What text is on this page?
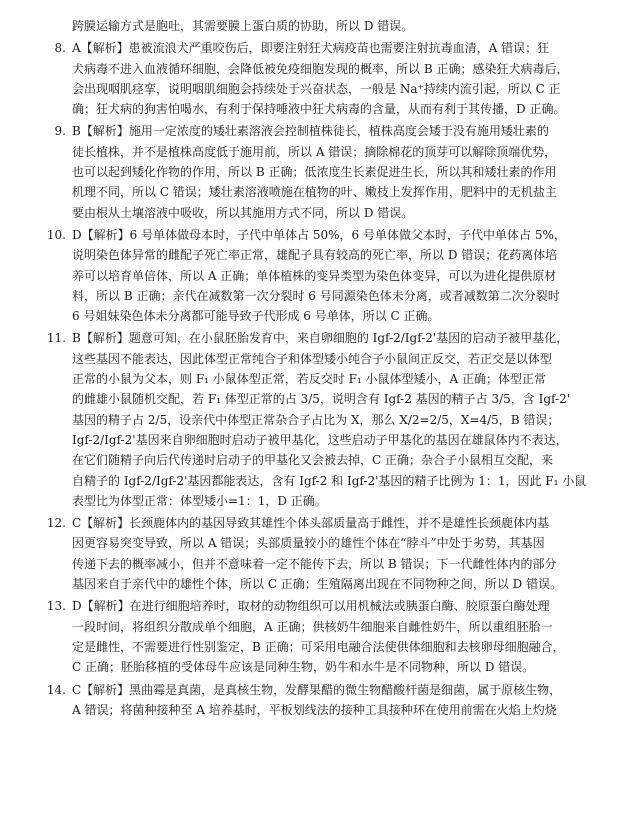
跨膜运输方式是胞吐，其需要膜上蛋白质的协助，所以 D 错误。
8. A【解析】患被流浪犬严重咬伤后，即要注射狂犬病疫苗也需要注射抗毒血清，A 错误；狂
犬病毒不进入血液循环细胞，会降低被免疫细胞发现的概率，所以 B 正确；感染狂犬病毒后，
会出现咽肌痉挛，说明咽肌细胞会持续处于兴奋状态，一般是 Na⁺持续内流引起，所以 C 正
确；狂犬病的狗害怕喝水，有利于保持唾液中狂犬病毒的含量，从而有利于其传播，D 正确。
9. B【解析】施用一定浓度的矮壮素溶液会控制植株徒长，植株高度会矮于没有施用矮壮素的
徒长植株，并不是植株高度低于施用前，所以 A 错误；摘除棉花的顶芽可以解除顶端优势，
也可以起到矮化作物的作用，所以 B 正确；低浓度生长素促进生长，所以其和矮壮素的作用
机理不同，所以 C 错误；矮壮素溶液喷施在植物的叶、嫩枝上发挥作用，肥料中的无机盐主
要由根从土壤溶液中吸收，所以其施用方式不同，所以 D 错误。
10. D【解析】6 号单体做母本时，子代中单体占 50%，6 号单体做父本时，子代中单体占 5%，
说明染色体异常的雌配子死亡率正常，雄配子具有较高的死亡率，所以 D 错误；花药离体培
养可以培育单倍体，所以 A 正确；单体植株的变异类型为染色体变异，可以为进化提供原材
料，所以 B 正确；亲代在减数第一次分裂时 6 号同源染色体未分离，或者减数第二次分裂时
6 号姐妹染色体未分离都可能导致子代形成 6 号单体，所以 C 正确。
11. B【解析】题意可知，在小鼠胚胎发育中，来自卵细胞的 Igf-2/Igf-2'基因的启动子被甲基化，
这些基因不能表达，因此体型正常纯合子和体型矮小纯合子小鼠间正反交，若正交是以体型
正常的小鼠为父本，则 F₁ 小鼠体型正常，若反交时 F₁ 小鼠体型矮小，A 正确；体型正常
的雌雄小鼠随机交配，若 F₁ 体型正常的占 3/5，说明含有 Igf-2 基因的精子占 3/5，含 Igf-2'
基因的精子占 2/5，设亲代中体型正常杂合子占比为 X，那么 X/2=2/5，X=4/5，B 错误；
Igf-2/Igf-2'基因来自卵细胞时启动子被甲基化，这些启动子甲基化的基因在雄鼠体内不表达，
在它们随精子向后代传递时启动子的甲基化又会被去掉，C 正确；杂合子小鼠相互交配，来
自精子的 Igf-2/Igf-2'基因都能表达，含有 Igf-2 和 Igf-2'基因的精子比例为 1：1，因此 F₁ 小鼠
表型比为体型正常：体型矮小=1：1，D 正确。
12. C【解析】长颈鹿体内的基因导致其雄性个体头部质量高于雌性，并不是雄性长颈鹿体内基
因更容易突变导致，所以 A 错误；头部质量较小的雄性个体在“脖斗”中处于劣势，其基因
传递下去的概率减小，但并不意味着一定不能传下去，所以 B 错误；下一代雌性体内的部分
基因来自于亲代中的雄性个体，所以 C 正确；生殖隔离出现在不同物种之间，所以 D 错误。
13. D【解析】在进行细胞培养时，取材的动物组织可以用机械法或胰蛋白酶、胶原蛋白酶处理
一段时间，将组织分散成单个细胞，A 正确；供核奶牛细胞来自雌性奶牛，所以重组胚胎一
定是雌性，不需要进行性别鉴定，B 正确；可采用电融合法使供体细胞和去核卵母细胞融合，
C 正确；胚胎移植的受体母牛应该是同种生物，奶牛和水牛是不同物种，所以 D 错误。
14. C【解析】黑曲霉是真菌，是真核生物，发酵果醋的微生物醋酸杆菌是细菌，属于原核生物，
A 错误；将菌种接种至 A 培养基时，平板划线法的接种工具接种环在使用前需在火焰上灼烧
